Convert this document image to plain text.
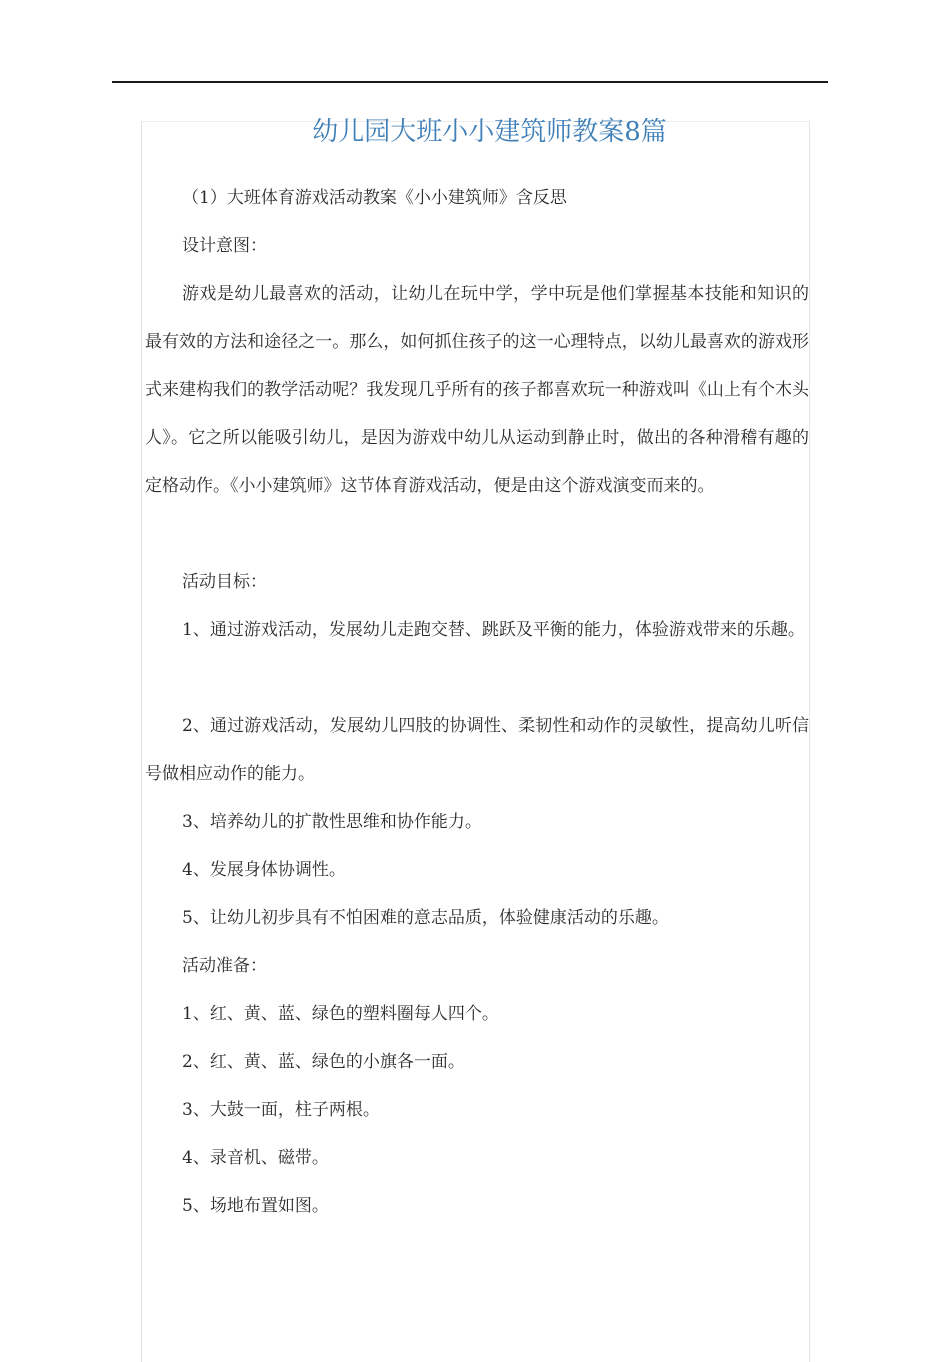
幼儿园大班小小建筑师教案8篇
（1）大班体育游戏活动教案《小小建筑师》含反思
设计意图：
游戏是幼儿最喜欢的活动，让幼儿在玩中学，学中玩是他们掌握基本技能和知识的最有效的方法和途径之一。那么，如何抓住孩子的这一心理特点，以幼儿最喜欢的游戏形式来建构我们的教学活动呢？我发现几乎所有的孩子都喜欢玩一种游戏叫《山上有个木头人》。它之所以能吸引幼儿，是因为游戏中幼儿从运动到静止时，做出的各种滑稽有趣的定格动作。《小小建筑师》这节体育游戏活动，便是由这个游戏演变而来的。
活动目标：
1、通过游戏活动，发展幼儿走跑交替、跳跃及平衡的能力，体验游戏带来的乐趣。
2、通过游戏活动，发展幼儿四肢的协调性、柔韧性和动作的灵敏性，提高幼儿听信号做相应动作的能力。
3、培养幼儿的扩散性思维和协作能力。
4、发展身体协调性。
5、让幼儿初步具有不怕困难的意志品质，体验健康活动的乐趣。
活动准备：
1、红、黄、蓝、绿色的塑料圈每人四个。
2、红、黄、蓝、绿色的小旗各一面。
3、大鼓一面，柱子两根。
4、录音机、磁带。
5、场地布置如图。
